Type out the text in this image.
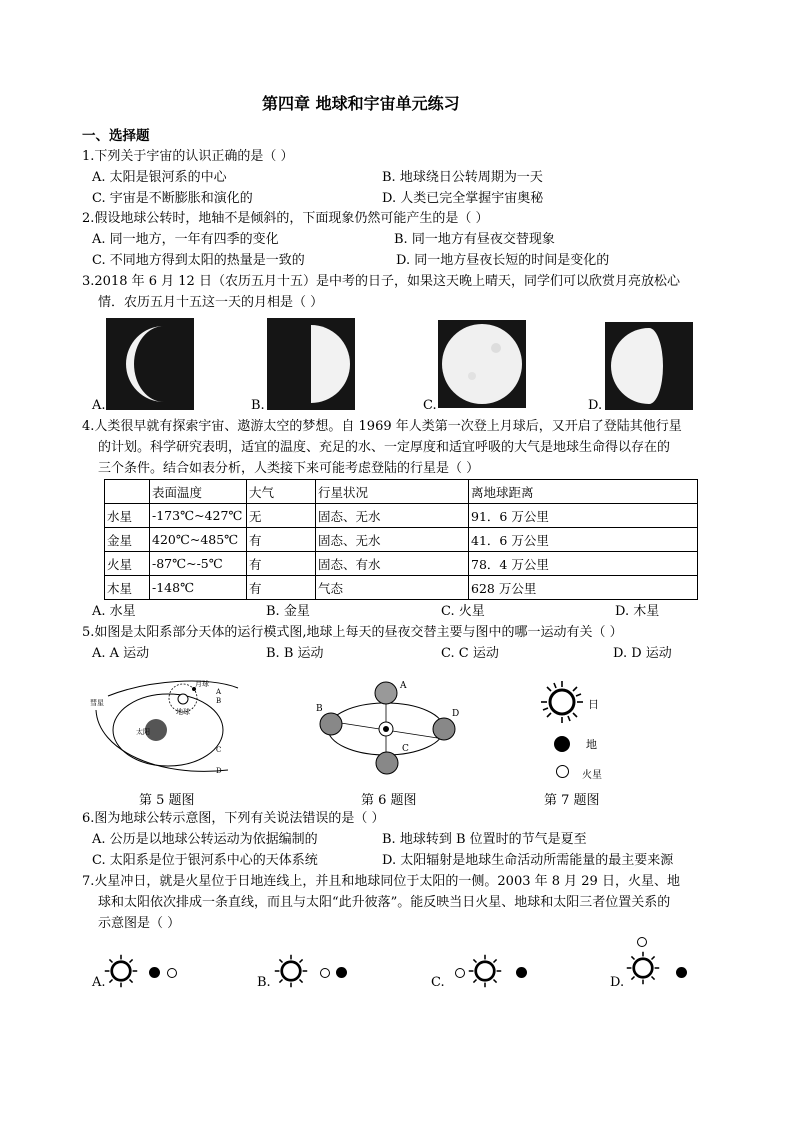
第四章 地球和宇宙单元练习
一、选择题
1.下列关于宇宙的认识正确的是（ ）
A. 太阳是银河系的中心	B. 地球绕日公转周期为一天
C. 宇宙是不断膨胀和演化的	D. 人类已完全掌握宇宙奥秘
2.假设地球公转时，地轴不是倾斜的，下面现象仍然可能产生的是（ ）
A. 同一地方，一年有四季的变化	B. 同一地方有昼夜交替现象
C. 不同地方得到太阳的热量是一致的	D. 同一地方昼夜长短的时间是变化的
3.2018 年 6 月 12 日（农历五月十五）是中考的日子，如果这天晚上晴天，同学们可以欣赏月亮放松心
情．农历五月十五这一天的月相是（ ）
A.	B.	C.	D.
4.人类很早就有探索宇宙、遨游太空的梦想。自 1969 年人类第一次登上月球后，又开启了登陆其他行星
的计划。科学研究表明，适宜的温度、充足的水、一定厚度和适宜呼吸的大气是地球生命得以存在的
三个条件。结合如表分析，人类接下来可能考虑登陆的行星是（ ）
	表面温度	大气	行星状况	离地球距离
水星	-173℃~427℃	无	固态、无水	91．6 万公里
金星	420℃~485℃	有	固态、无水	41．6 万公里
火星	-87℃~-5℃	有	固态、有水	78．4 万公里
木星	-148℃	有	气态	628 万公里
A. 水星	B. 金星	C. 火星	D. 木星
5.如图是太阳系部分天体的运行模式图,地球上每天的昼夜交替主要与图中的哪一运动有关（ ）
A. A 运动	B. B 运动	C. C 运动	D. D 运动
彗星
太阳
月球
地球
A
B
C
D
第 5 题图
A
B
C
D
第 6 题图
日
地
火星
第 7 题图
6.图为地球公转示意图，下列有关说法错误的是（ ）
A. 公历是以地球公转运动为依据编制的	B. 地球转到 B 位置时的节气是夏至
C. 太阳系是位于银河系中心的天体系统	D. 太阳辐射是地球生命活动所需能量的最主要来源
7.火星冲日，就是火星位于日地连线上，并且和地球同位于太阳的一侧。2003 年 8 月 29 日，火星、地
球和太阳依次排成一条直线，而且与太阳“此升彼落”。能反映当日火星、地球和太阳三者位置关系的
示意图是（ ）
A.	B.	C.	D.
